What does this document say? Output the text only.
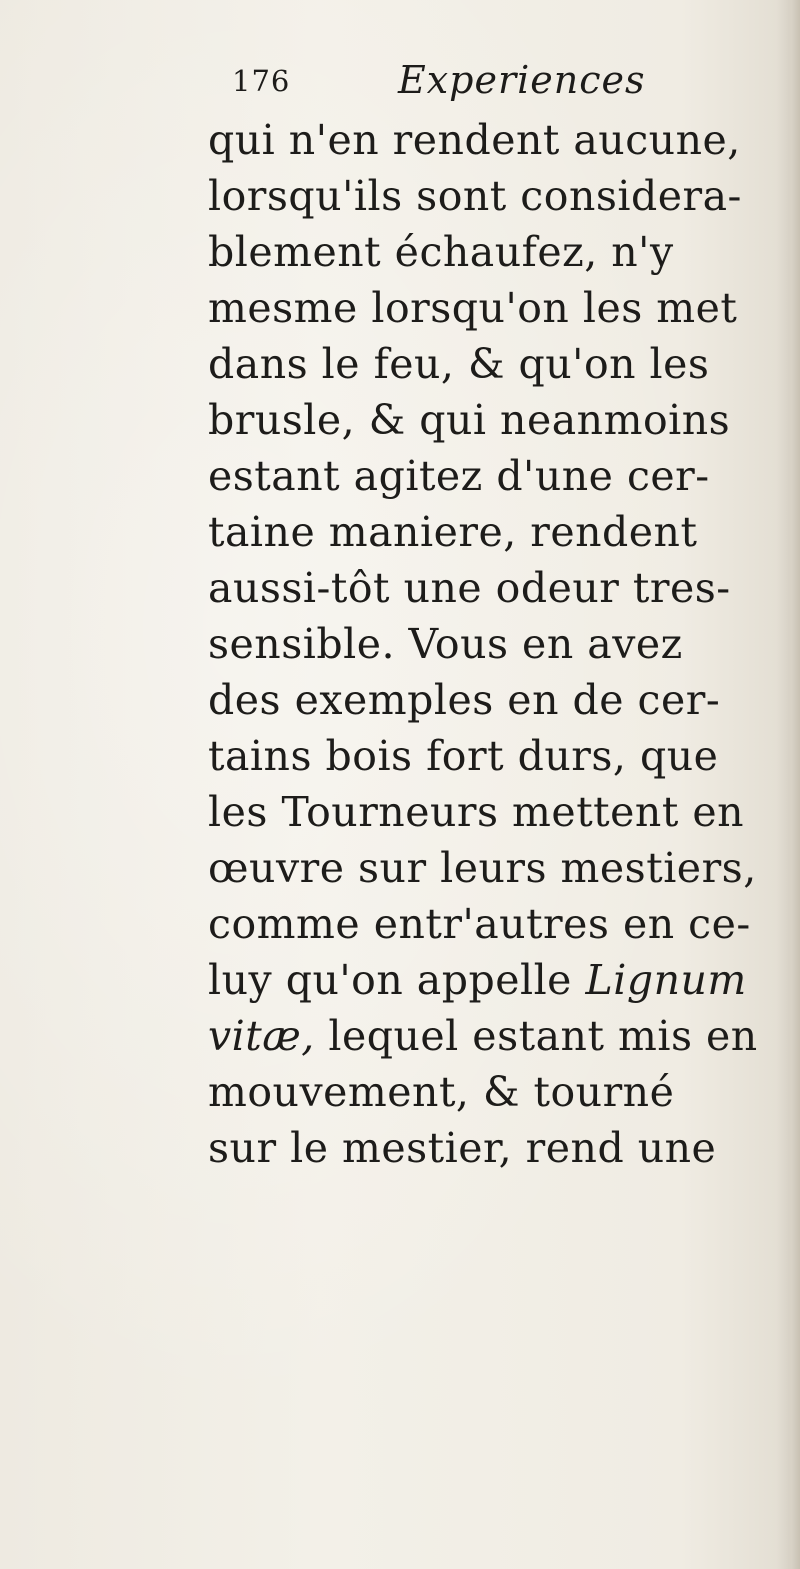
176	Experiences
qui n'en rendent aucune,
lorsqu'ils sont considera-
blement échaufez, n'y
mesme lorsqu'on les met
dans le feu, & qu'on les
brusle, & qui neanmoins
estant agitez d'une cer-
taine maniere, rendent
aussi-tôt une odeur tres-
sensible. Vous en avez
des exemples en de cer-
tains bois fort durs, que
les Tourneurs mettent en
œuvre sur leurs mestiers,
comme entr'autres en ce-
luy qu'on appelle Lignum
vitæ, lequel estant mis en
mouvement, & tourné
sur le mestier, rend une
